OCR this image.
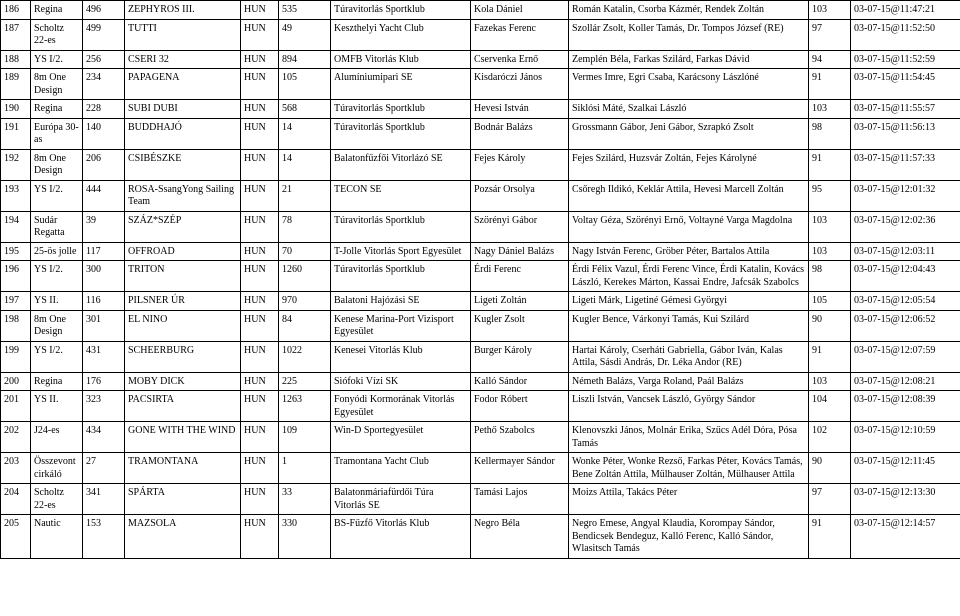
186	Regina	496	ZEPHYROS III.	HUN	535	Túravitorlás Sportklub	Kola Dániel	Román Katalin, Csorba Kázmér, Rendek Zoltán	103	03-07-15@11:47:21
187	Scholtz 22-es	499	TUTTI	HUN	49	Keszthelyi Yacht Club	Fazekas Ferenc	Szollár Zsolt, Koller Tamás, Dr. Tompos József (RE)	97	03-07-15@11:52:50
188	YS I/2.	256	CSERI 32	HUN	894	OMFB Vitorlás Klub	Cservenka Ernő	Zemplén Béla, Farkas Szilárd, Farkas Dávid	94	03-07-15@11:52:59
189	8m One Design	234	PAPAGENA	HUN	105	Alumíniumipari SE	Kisdaróczi János	Vermes Imre, Egri Csaba, Karácsony Lászlóné	91	03-07-15@11:54:45
190	Regina	228	SUBI DUBI	HUN	568	Túravitorlás Sportklub	Hevesi István	Siklósi Máté, Szalkai László	103	03-07-15@11:55:57
191	Európa 30-as	140	BUDDHAJÓ	HUN	14	Túravitorlás Sportklub	Bodnár Balázs	Grossmann Gábor, Jeni Gábor, Szrapkó Zsolt	98	03-07-15@11:56:13
192	8m One Design	206	CSIBÉSZKE	HUN	14	Balatonfűzfői Vitorlázó SE	Fejes Károly	Fejes Szilárd, Huzsvár Zoltán, Fejes Károlyné	91	03-07-15@11:57:33
193	YS I/2.	444	ROSA-SsangYong Sailing Team	HUN	21	TECON SE	Pozsár Orsolya	Csőregh Ildikó, Keklár Attila, Hevesi Marcell Zoltán	95	03-07-15@12:01:32
194	Sudár Regatta	39	SZÁZ*SZÉP	HUN	78	Túravitorlás Sportklub	Szörényi Gábor	Voltay Géza, Szörényi Ernő, Voltayné Varga Magdolna	103	03-07-15@12:02:36
195	25-ös jolle	117	OFFROAD	HUN	70	T-Jolle Vitorlás Sport Egyesület	Nagy Dániel Balázs	Nagy István Ferenc, Gröber Péter, Bartalos Attila	103	03-07-15@12:03:11
196	YS I/2.	300	TRITON	HUN	1260	Túravitorlás Sportklub	Érdi Ferenc	Érdi Félix Vazul, Érdi Ferenc Vince, Érdi Katalin, Kovács László, Kerekes Márton, Kassai Endre, Jafcsák Szabolcs	98	03-07-15@12:04:43
197	YS II.	116	PILSNER ÚR	HUN	970	Balatoni Hajózási SE	Ligeti Zoltán	Ligeti Márk, Ligetiné Gémesi Györgyi	105	03-07-15@12:05:54
198	8m One Design	301	EL NINO	HUN	84	Kenese Marina-Port Vizisport Egyesület	Kugler Zsolt	Kugler Bence, Várkonyi Tamás, Kui Szilárd	90	03-07-15@12:06:52
199	YS I/2.	431	SCHEERBURG	HUN	1022	Kenesei Vitorlás Klub	Burger Károly	Hartai Károly, Cserháti Gabriella, Gábor Iván, Kalas Attila, Sásdi András, Dr. Léka Andor (RE)	91	03-07-15@12:07:59
200	Regina	176	MOBY DICK	HUN	225	Siófoki Vízi SK	Kalló Sándor	Németh Balázs, Varga Roland, Paál Balázs	103	03-07-15@12:08:21
201	YS II.	323	PACSIRTA	HUN	1263	Fonyódi Kormorának Vitorlás Egyesület	Fodor Róbert	Liszli István, Vancsek László, György Sándor	104	03-07-15@12:08:39
202	J24-es	434	GONE WITH THE WIND	HUN	109	Win-D Sportegyesület	Pethő Szabolcs	Klenovszki János, Molnár Erika, Szűcs Adél Dóra, Pósa Tamás	102	03-07-15@12:10:59
203	Összevont cirkáló	27	TRAMONTANA	HUN	1	Tramontana Yacht Club	Kellermayer Sándor	Wonke Péter, Wonke Rezső, Farkas Péter, Kovács Tamás, Bene Zoltán Attila, Mülhauser Zoltán, Mülhauser Attila	90	03-07-15@12:11:45
204	Scholtz 22-es	341	SPÁRTA	HUN	33	Balatonmáriafürdői Túra Vitorlás SE	Tamási Lajos	Moizs Attila, Takács Péter	97	03-07-15@12:13:30
205	Nautic	153	MAZSOLA	HUN	330	BS-Fűzfő Vitorlás Klub	Negro Béla	Negro Emese, Angyal Klaudia, Korompay Sándor, Bendicsek Bendeguz, Kalló Ferenc, Kalló Sándor, Wlasitsch Tamás	91	03-07-15@12:14:57
